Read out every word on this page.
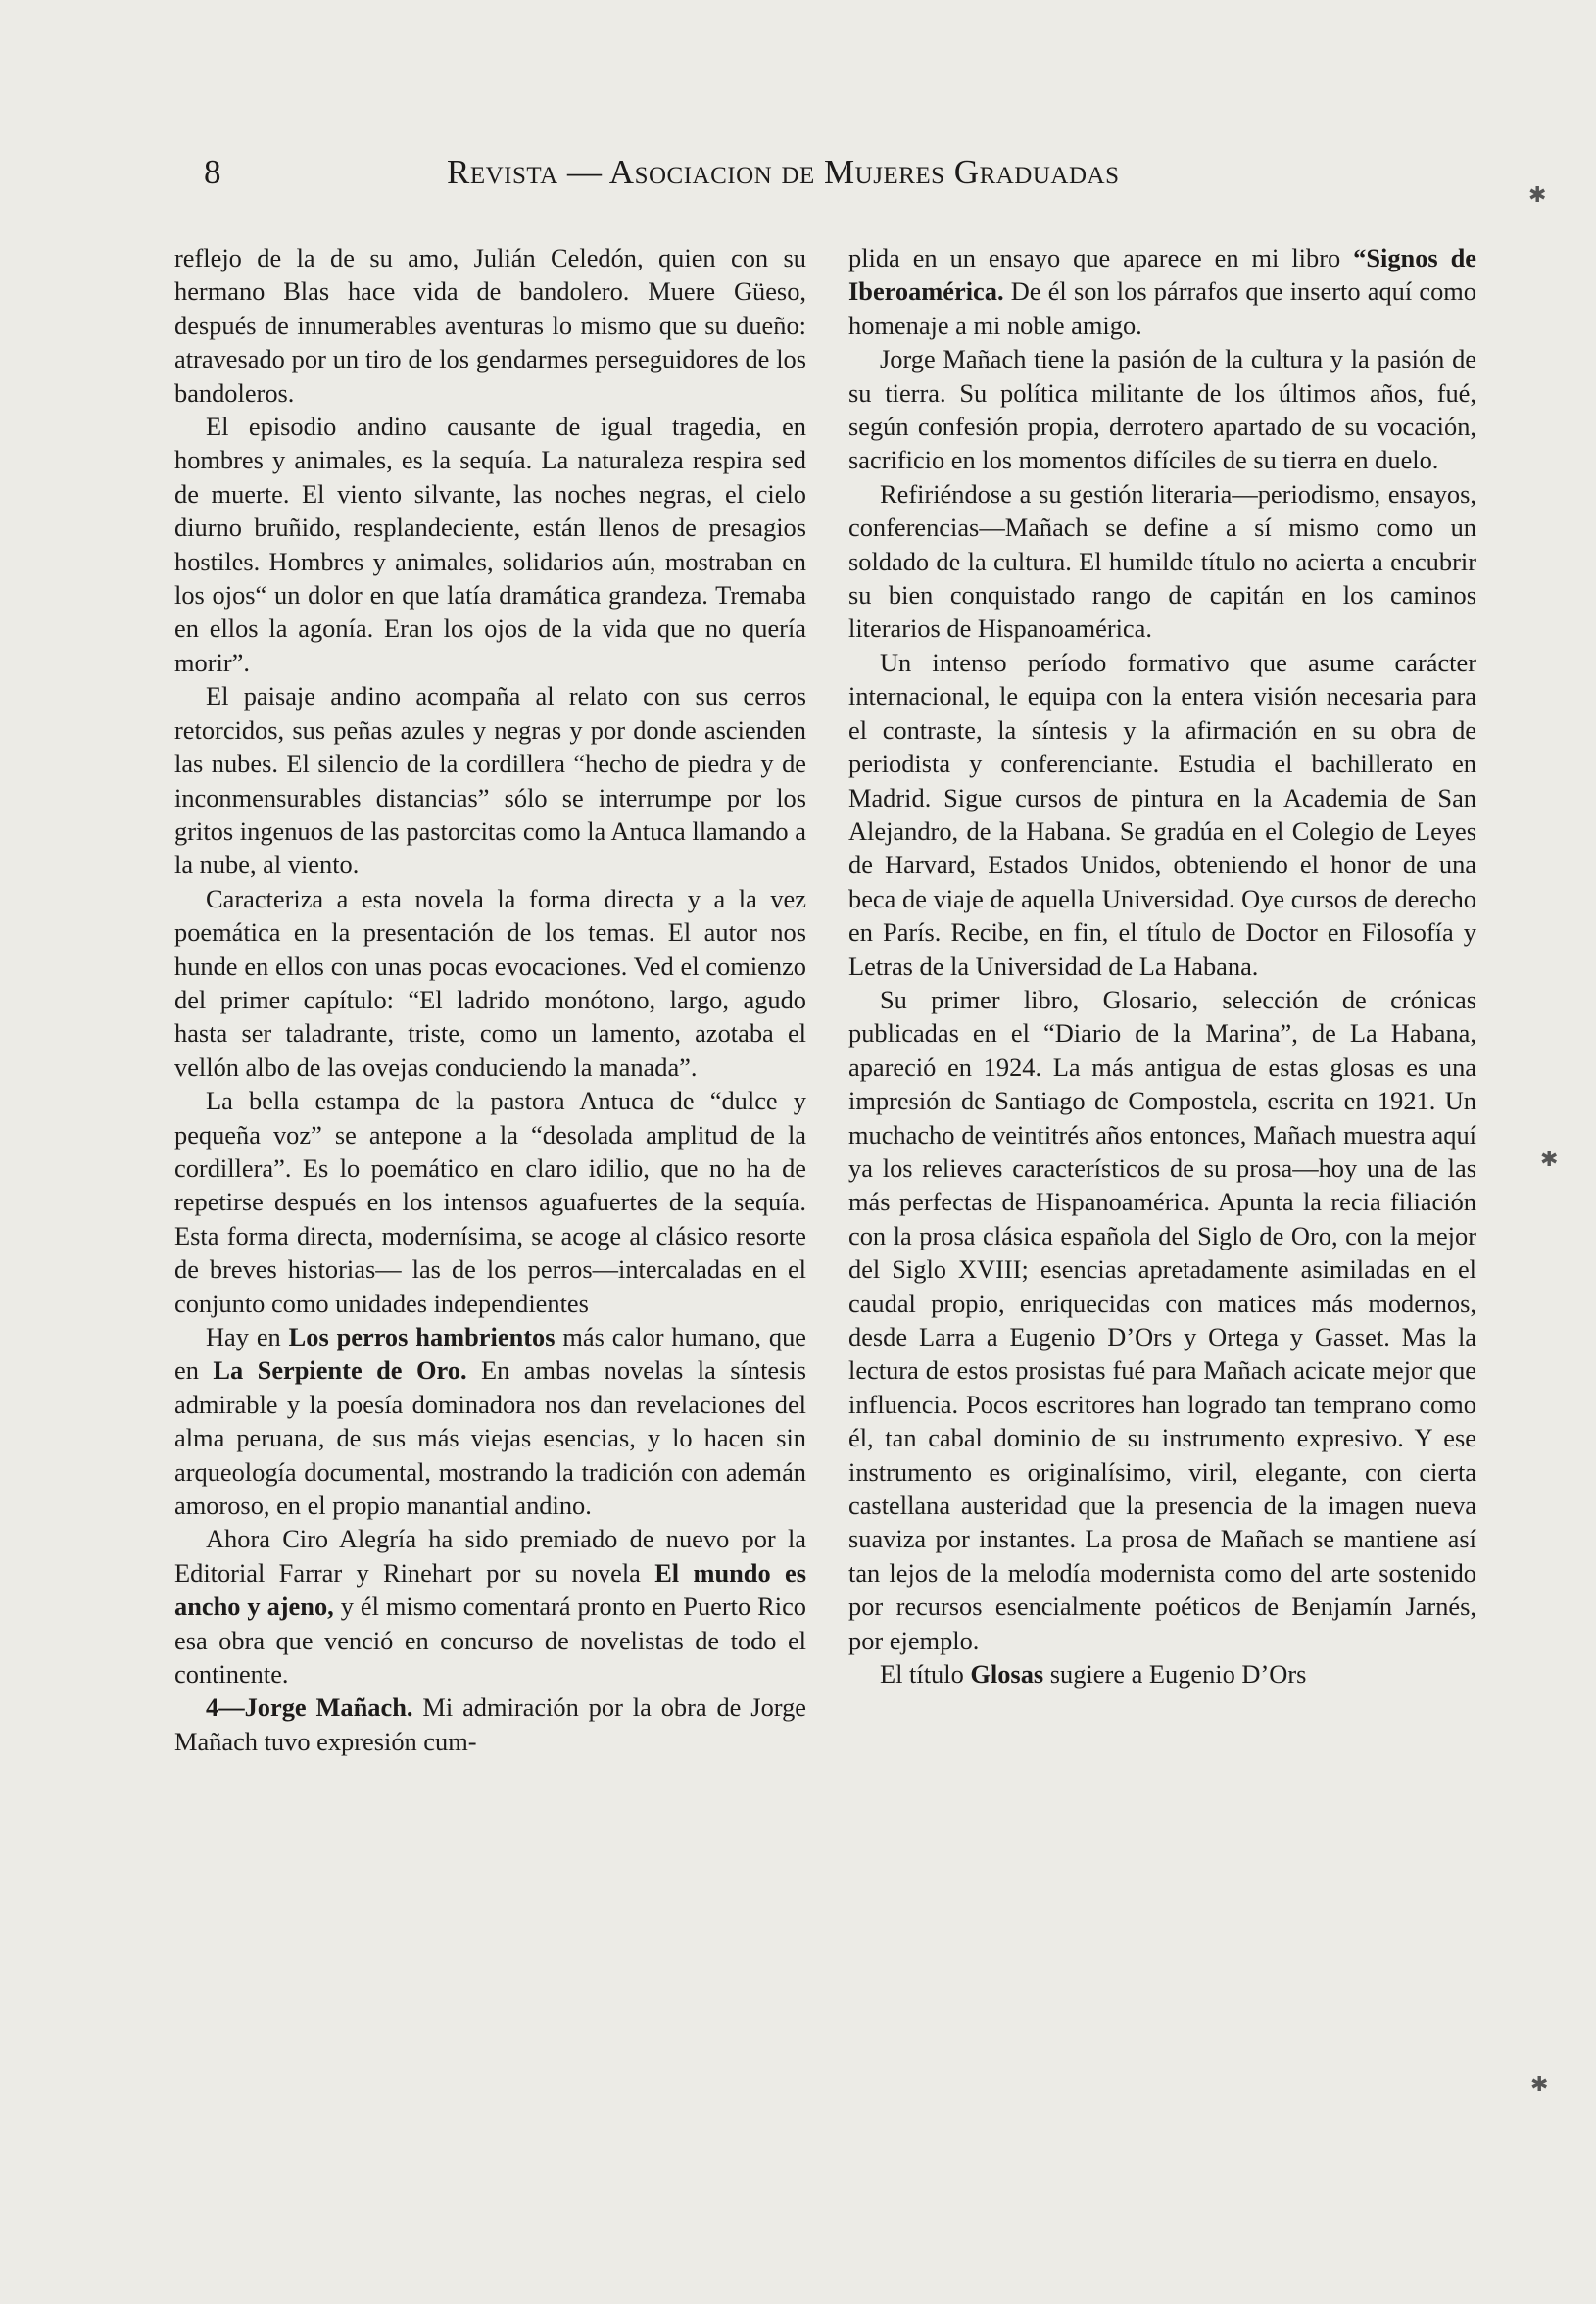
8	Revista — Asociacion de Mujeres Graduadas

reflejo de la de su amo, Julián Celedón, quien con su hermano Blas hace vida de bandolero. Muere Güeso, después de innumerables aventuras lo mismo que su dueño: atravesado por un tiro de los gendarmes perseguidores de los bandoleros.

El episodio andino causante de igual tragedia, en hombres y animales, es la sequía. La naturaleza respira sed de muerte. El viento silvante, las noches negras, el cielo diurno bruñido, resplandeciente, están llenos de presagios hostiles. Hombres y animales, solidarios aún, mostraban en los ojos“ un dolor en que latía dramática grandeza. Tremaba en ellos la agonía. Eran los ojos de la vida que no quería morir”.

El paisaje andino acompaña al relato con sus cerros retorcidos, sus peñas azules y negras y por donde ascienden las nubes. El silencio de la cordillera “hecho de piedra y de inconmensurables distancias” sólo se interrumpe por los gritos ingenuos de las pastorcitas como la Antuca llamando a la nube, al viento.

Caracteriza a esta novela la forma directa y a la vez poemática en la presentación de los temas. El autor nos hunde en ellos con unas pocas evocaciones. Ved el comienzo del primer capítulo: “El ladrido monótono, largo, agudo hasta ser taladrante, triste, como un lamento, azotaba el vellón albo de las ovejas conduciendo la manada”.

La bella estampa de la pastora Antuca de “dulce y pequeña voz” se antepone a la “desolada amplitud de la cordillera”. Es lo poemático en claro idilio, que no ha de repetirse después en los intensos aguafuertes de la sequía. Esta forma directa, modernísima, se acoge al clásico resorte de breves historias— las de los perros—intercaladas en el conjunto como unidades independientes

Hay en Los perros hambrientos más calor humano, que en La Serpiente de Oro. En ambas novelas la síntesis admirable y la poesía dominadora nos dan revelaciones del alma peruana, de sus más viejas esencias, y lo hacen sin arqueología documental, mostrando la tradición con ademán amoroso, en el propio manantial andino.

Ahora Ciro Alegría ha sido premiado de nuevo por la Editorial Farrar y Rinehart por su novela El mundo es ancho y ajeno, y él mismo comentará pronto en Puerto Rico esa obra que venció en concurso de novelistas de todo el continente.

4—Jorge Mañach. Mi admiración por la obra de Jorge Mañach tuvo expresión cum-

plida en un ensayo que aparece en mi libro “Signos de Iberoamérica. De él son los párrafos que inserto aquí como homenaje a mi noble amigo.

Jorge Mañach tiene la pasión de la cultura y la pasión de su tierra. Su política militante de los últimos años, fué, según confesión propia, derrotero apartado de su vocación, sacrificio en los momentos difíciles de su tierra en duelo.

Refiriéndose a su gestión literaria—periodismo, ensayos, conferencias—Mañach se define a sí mismo como un soldado de la cultura. El humilde título no acierta a encubrir su bien conquistado rango de capitán en los caminos literarios de Hispanoamérica.

Un intenso período formativo que asume carácter internacional, le equipa con la entera visión necesaria para el contraste, la síntesis y la afirmación en su obra de periodista y conferenciante. Estudia el bachillerato en Madrid. Sigue cursos de pintura en la Academia de San Alejandro, de la Habana. Se gradúa en el Colegio de Leyes de Harvard, Estados Unidos, obteniendo el honor de una beca de viaje de aquella Universidad. Oye cursos de derecho en París. Recibe, en fin, el título de Doctor en Filosofía y Letras de la Universidad de La Habana.

Su primer libro, Glosario, selección de crónicas publicadas en el “Diario de la Marina”, de La Habana, apareció en 1924. La más antigua de estas glosas es una impresión de Santiago de Compostela, escrita en 1921. Un muchacho de veintitrés años entonces, Mañach muestra aquí ya los relieves característicos de su prosa—hoy una de las más perfectas de Hispanoamérica. Apunta la recia filiación con la prosa clásica española del Siglo de Oro, con la mejor del Siglo XVIII; esencias apretadamente asimiladas en el caudal propio, enriquecidas con matices más modernos, desde Larra a Eugenio D’Ors y Ortega y Gasset. Mas la lectura de estos prosistas fué para Mañach acicate mejor que influencia. Pocos escritores han logrado tan temprano como él, tan cabal dominio de su instrumento expresivo. Y ese instrumento es originalísimo, viril, elegante, con cierta castellana austeridad que la presencia de la imagen nueva suaviza por instantes. La prosa de Mañach se mantiene así tan lejos de la melodía modernista como del arte sostenido por recursos esencialmente poéticos de Benjamín Jarnés, por ejemplo.

El título Glosas sugiere a Eugenio D’Ors

✱
✱
✱
